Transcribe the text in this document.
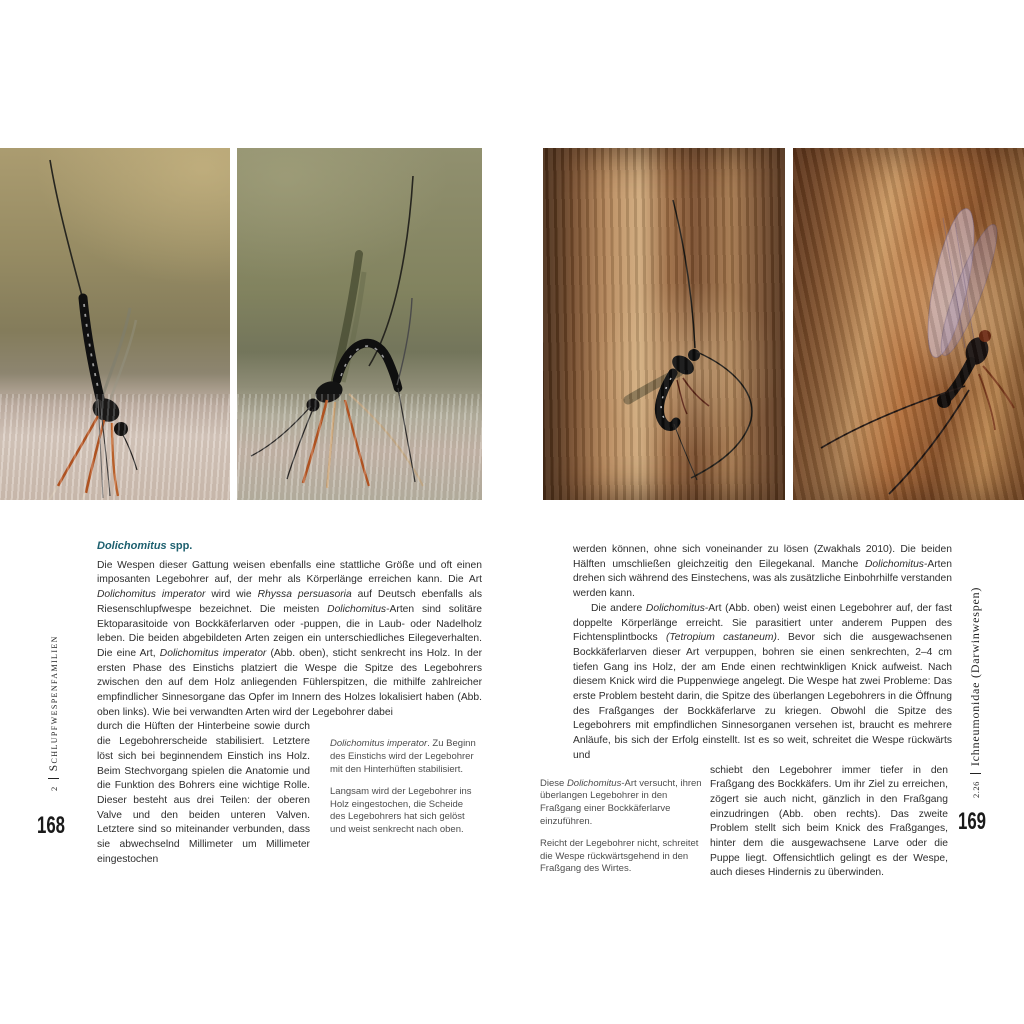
Dolichomitus spp.

Die Wespen dieser Gattung weisen ebenfalls eine stattliche Größe und oft einen imposanten Legebohrer auf, der mehr als Körperlänge erreichen kann. Die Art Dolichomitus imperator wird wie Rhyssa persuasoria auf Deutsch ebenfalls als Riesenschlupfwespe bezeichnet. Die meisten Dolichomitus-Arten sind solitäre Ektoparasitoide von Bockkäferlarven oder -puppen, die in Laub- oder Nadelholz leben. Die beiden abgebildeten Arten zeigen ein unterschiedliches Eilegeverhalten. Die eine Art, Dolichomitus imperator (Abb. oben), sticht senkrecht ins Holz. In der ersten Phase des Einstichs platziert die Wespe die Spitze des Legebohrers zwischen den auf dem Holz anliegenden Fühlerspitzen, die mithilfe zahlreicher empfindlicher Sinnesorgane das Opfer im Innern des Holzes lokalisiert haben (Abb. oben links). Wie bei verwandten Arten wird der Legebohrer dabei

durch die Hüften der Hinterbeine sowie durch die Legebohrerscheide stabilisiert. Letztere löst sich bei beginnendem Einstich ins Holz. Beim Stechvorgang spielen die Anatomie und die Funktion des Bohrers eine wichtige Rolle. Dieser besteht aus drei Teilen: der oberen Valve und den beiden unteren Valven. Letztere sind so miteinander verbunden, dass sie abwechselnd Millimeter um Millimeter eingestochen

Dolichomitus imperator. Zu Beginn des Einstichs wird der Legebohrer mit den Hinterhüften stabilisiert.

Langsam wird der Legebohrer ins Holz eingestochen, die Scheide des Legebohrers hat sich gelöst und weist senkrecht nach oben.

werden können, ohne sich voneinander zu lösen (Zwakhals 2010). Die beiden Hälften umschließen gleichzeitig den Eilegekanal. Manche Dolichomitus-Arten drehen sich während des Einstechens, was als zusätzliche Einbohrhilfe verstanden werden kann.

Die andere Dolichomitus-Art (Abb. oben) weist einen Legebohrer auf, der fast doppelte Körperlänge erreicht. Sie parasitiert unter anderem Puppen des Fichtensplintbocks (Tetropium castaneum). Bevor sich die ausgewachsenen Bockkäferlarven dieser Art verpuppen, bohren sie einen senkrechten, 2–4 cm tiefen Gang ins Holz, der am Ende einen rechtwinkligen Knick aufweist. Nach diesem Knick wird die Puppenwiege angelegt. Die Wespe hat zwei Probleme: Das erste Problem besteht darin, die Spitze des überlangen Legebohrers in die Öffnung des Fraßganges der Bockkäferlarve zu kriegen. Obwohl die Spitze des Legebohrers mit empfindlichen Sinnesorganen versehen ist, braucht es mehrere Anläufe, bis sich der Erfolg einstellt. Ist es so weit, schreitet die Wespe rückwärts und

Diese Dolichomitus-Art versucht, ihren überlangen Legebohrer in den Fraßgang einer Bockkäferlarve einzuführen.

Reicht der Legebohrer nicht, schreitet die Wespe rückwärtsgehend in den Fraßgang des Wirtes.

schiebt den Legebohrer immer tiefer in den Fraßgang des Bockkäfers. Um ihr Ziel zu erreichen, zögert sie auch nicht, gänzlich in den Fraßgang einzudringen (Abb. oben rechts). Das zweite Problem stellt sich beim Knick des Fraßganges, hinter dem die ausgewachsene Larve oder die Puppe liegt. Offensichtlich gelingt es der Wespe, auch dieses Hindernis zu überwinden.

2Schlupfwespenfamilien
2.26Ichneumonidae (Darwinwespen)
168	169
